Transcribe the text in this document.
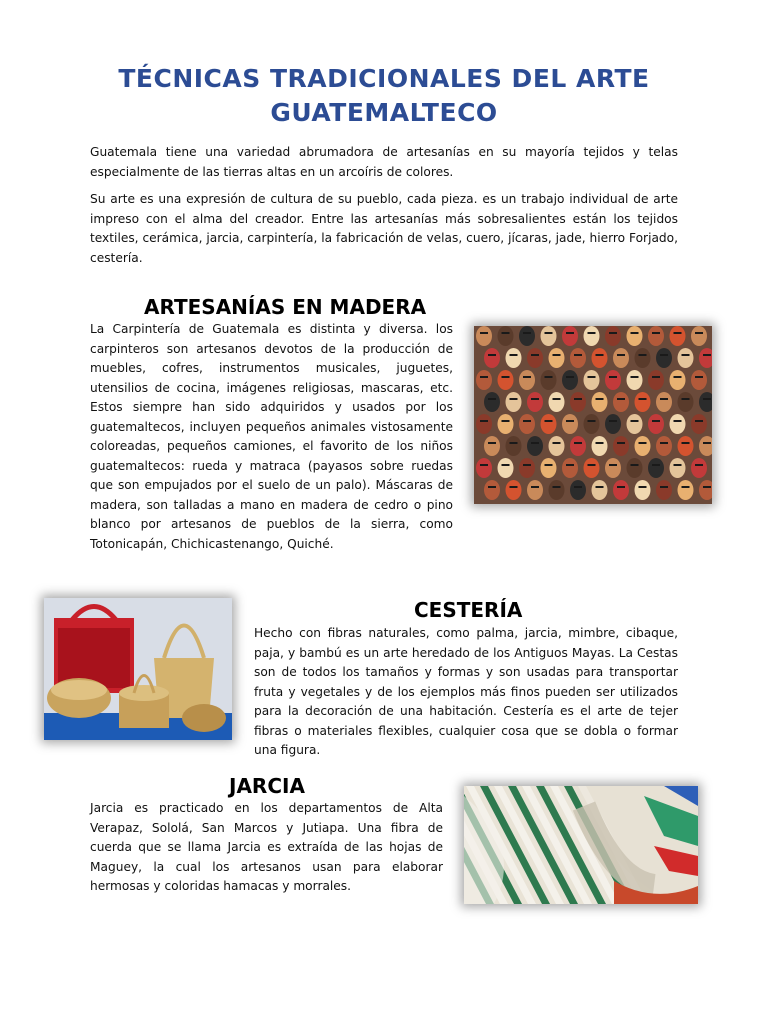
TÉCNICAS TRADICIONALES DEL ARTE
GUATEMALTECO

Guatemala tiene una variedad abrumadora de artesanías en su mayoría tejidos y telas especialmente de las tierras altas en un arcoíris de colores.

Su arte es una expresión de cultura de su pueblo, cada pieza. es un trabajo individual de arte impreso con el alma del creador. Entre las artesanías más sobresalientes están los tejidos textiles, cerámica, jarcia, carpintería, la fabricación de velas, cuero, jícaras, jade, hierro Forjado, cestería.

ARTESANÍAS EN MADERA

La Carpintería de Guatemala es distinta y diversa. los carpinteros son artesanos devotos de la producción de muebles, cofres, instrumentos musicales, juguetes, utensilios de cocina, imágenes religiosas, mascaras, etc. Estos siempre han sido adquiridos y usados por los guatemaltecos, incluyen pequeños animales vistosamente coloreadas, pequeños camiones, el favorito de los niños guatemaltecos: rueda y matraca (payasos sobre ruedas que son empujados por el suelo de un palo). Máscaras de madera, son talladas a mano en madera de cedro o pino blanco por artesanos de pueblos de la sierra, como Totonicapán, Chichicastenango, Quiché.

CESTERÍA

Hecho con fibras naturales, como palma, jarcia, mimbre, cibaque, paja, y bambú es un arte heredado de los Antiguos Mayas. La Cestas son de todos los tamaños y formas y son usadas para transportar fruta y vegetales y de los ejemplos más finos pueden ser utilizados para la decoración de una habitación. Cestería es el arte de tejer fibras o materiales flexibles, cualquier cosa que se dobla o formar una figura.

JARCIA

Jarcia es practicado en los departamentos de Alta Verapaz, Sololá, San Marcos y Jutiapa. Una fibra de cuerda que se llama Jarcia es extraída de las hojas de Maguey, la cual los artesanos usan para elaborar hermosas y coloridas hamacas y morrales.
